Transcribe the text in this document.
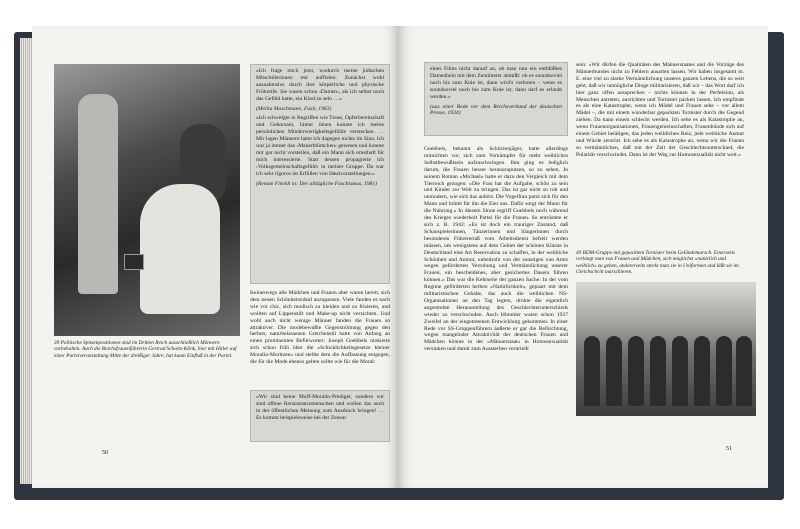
39 Politische Spitzenpositionen sind im Dritten Reich ausschließlich Männern vorbehalten. Auch die Reichsfrauenführerin Gertrud Scholtz-Klink, hier mit Hitler auf einer Parteiveranstaltung Mitte der dreißiger Jahre, hat kaum Einfluß in der Partei.

»Ich frage mich jetzt, wodurch meine jüdischen Mitschülerinnen mir auffielen. Zunächst wohl ausnahmslos durch ihre körperliche und physische Frühreife. Sie waren schon ›Damen‹, als ich selbst noch das Gefühl hatte, ein Kind zu sein …«

(Melita Maschmann, Fazit, 1963)

»Ich schwelgte in Begriffen wie Treue, Opferbereitschaft und Gehorsam, hinter ihnen konnte ich meine persönlichen Minderwertigkeitsgefühle verstecken. … Mir lagen Männern hatte ich dagegen nichts im Sinn. Ich war ja immer das ›Mauerblümchen‹ gewesen und konnte mir gar nicht vorstellen, daß ein Mann sich ernsthaft für mich interessierte. Statt dessen propagierte ich ›Volksgemeinschaftsgefühl‹ in meiner Gruppe. Da war ich sehr rigoros im Erfüllen von Idealvorstellungen.«

(Renate Finckh in: Der alltägliche Faschismus, 1981)

Keineswegs alle Mädchen und Frauen aber waren bereit, sich dem neuen Schönheitsideal anzupassen. Viele fanden es nach wie vor chic, sich modisch zu kleiden und zu frisieren, und wollten auf Lippenstift und Make-up nicht verzichten. Und wohl auch nicht wenige Männer fanden die Frauen so attraktiver. Die modebewußte Gegenströmung gegen den herben, naturbelassenen Gretchenstil hatte von Anfang an einen prominenten Befürworter: Joseph Goebbels mokierte sich schon früh über die »Schicklichkeitsgesetze kleiner Moralin-Moritzen« und stellte dem die Auffassung entgegen, die für die Mode ebenso gelten sollte wie für die Moral:

»Wir sind keine Muff-Moralin-Prediger, sondern wir sind offene Renaissancemenschen und wollen das auch in der öffentlichen Meinung zum Ausdruck bringen! … Es kommt beispielsweise bei der Zensur

50

eines Films nicht darauf an, ob man nun ein entblößtes Damenbein mit dem Zentimeter abmißt: ob es soundsoviel noch bis zum Knie ist, dann wird's verboten – wenn es soundsoviel noch bis zum Knie ist, dann darf es erlaubt werden.«

(aus einer Rede vor dem Reichsverband der deutschen Presse, 1934)

Goebbels, bekannt als Schürzenjäger, hatte allerdings mitnichten vor, sich zum Vorkämpfer für mehr weibliches Selbstbewußtsein aufzuschwingen. Ihm ging es lediglich darum, die Frauen besser herauszuputzen, so zu sehen. In seinem Roman »Michael« hatte er dazu den Vergleich mit dem Tierreich gezogen: »Die Frau hat die Aufgabe, schön zu sein und Kinder zur Welt zu bringen. Das ist gar nicht so roh und unmodern, wie sich das anhört. Die Vogelfrau putzt sich für den Mann und brütet für ihn die Eier aus. Dafür sorgt der Mann für die Nahrung.« In diesem Sinne ergriff Goebbels noch während des Krieges wiederholt Partei für die Frauen. So entrüstete er sich z. B. 1942: »Es ist doch ein trauriger Zustand, daß Schauspielerinnen, Tänzerinnen und Sängerinnen durch besonderen Führererlaß vom Arbeitsdienst befreit werden müssen, um wenigstens auf dem Gebiet der schönen Künste in Deutschland eine Art Reservation zu schaffen, in der weibliche Schönheit und Anmut, unbedroht von der sonstigen von Amts wegen geförderten Verrohung und Vermännlichung unserer Frauen, ein bescheidenes, aber gesichertes Dasein führen können.« Das war die Kehrseite der ganzen Sache: In der vom Regime geförderten herben »Natürlichkeit«, gepaart mit dem militaristischen Gehabe, das auch die weiblichen NS-Organisationen an den Tag legten, drohte die eigentlich angestrebte Herausstellung des Geschlechterunterschieds wieder zu verschwinden. Auch Himmler waren schon 1937 Zweifel an der eingetretenen Entwicklung gekommen. In einer Rede vor SS-Gruppenführern äußerte er gar die Befürchtung, wegen mangelnder Attraktivität der deutschen Frauen und Mädchen könnte in der »Männerstaat« in Homosexualität versinken und damit zum Aussterben verurteilt

sein: »Wir dürfen die Qualitäten des Männerstaates und die Vorzüge des Männerbundes nicht zu Fehlern ausarten lassen. Wir haben insgesamt m. E. eine viel zu starke Vermännlichung unseres ganzen Lebens, die so weit geht, daß wir unmögliche Dinge militarisieren, daß wir – das Wort darf ich hier ganz offen aussprechen – nichts können in der Perfektion, als Menschen antreten, ausrichten und Tornister packen lassen. Ich empfinde es als eine Katastrophe, wenn ich Mädel und Frauen sehe – vor allem Mädel –, die mit einem wunderbar gepackten Tornister durch die Gegend ziehen. Da kann einem schlecht werden. Ich sehe es als Katastrophe an, wenn Frauenorganisationen, Frauengemeinschaften, Frauenbünde sich auf einem Gebiet betätigen, das jeden weiblichen Reiz, jede weibliche Anmut und Würde zerstört. Ich sehe es als Katastrophe an, wenn wir die Frauen so vermännlichen, daß mit der Zeit der Geschlechtsunterschied, die Polarität verschwindet. Dann ist der Weg zur Homosexualität nicht weit.«

40 BDM-Gruppe mit gepacktem Tornister beim Geländemarsch. Einerseits verlangt man von Frauen und Mädchen, sich möglichst »natürlich und weiblich« zu geben, andererseits steckt man sie in Uniformen und läßt sie im Gleichschritt marschieren.
51
